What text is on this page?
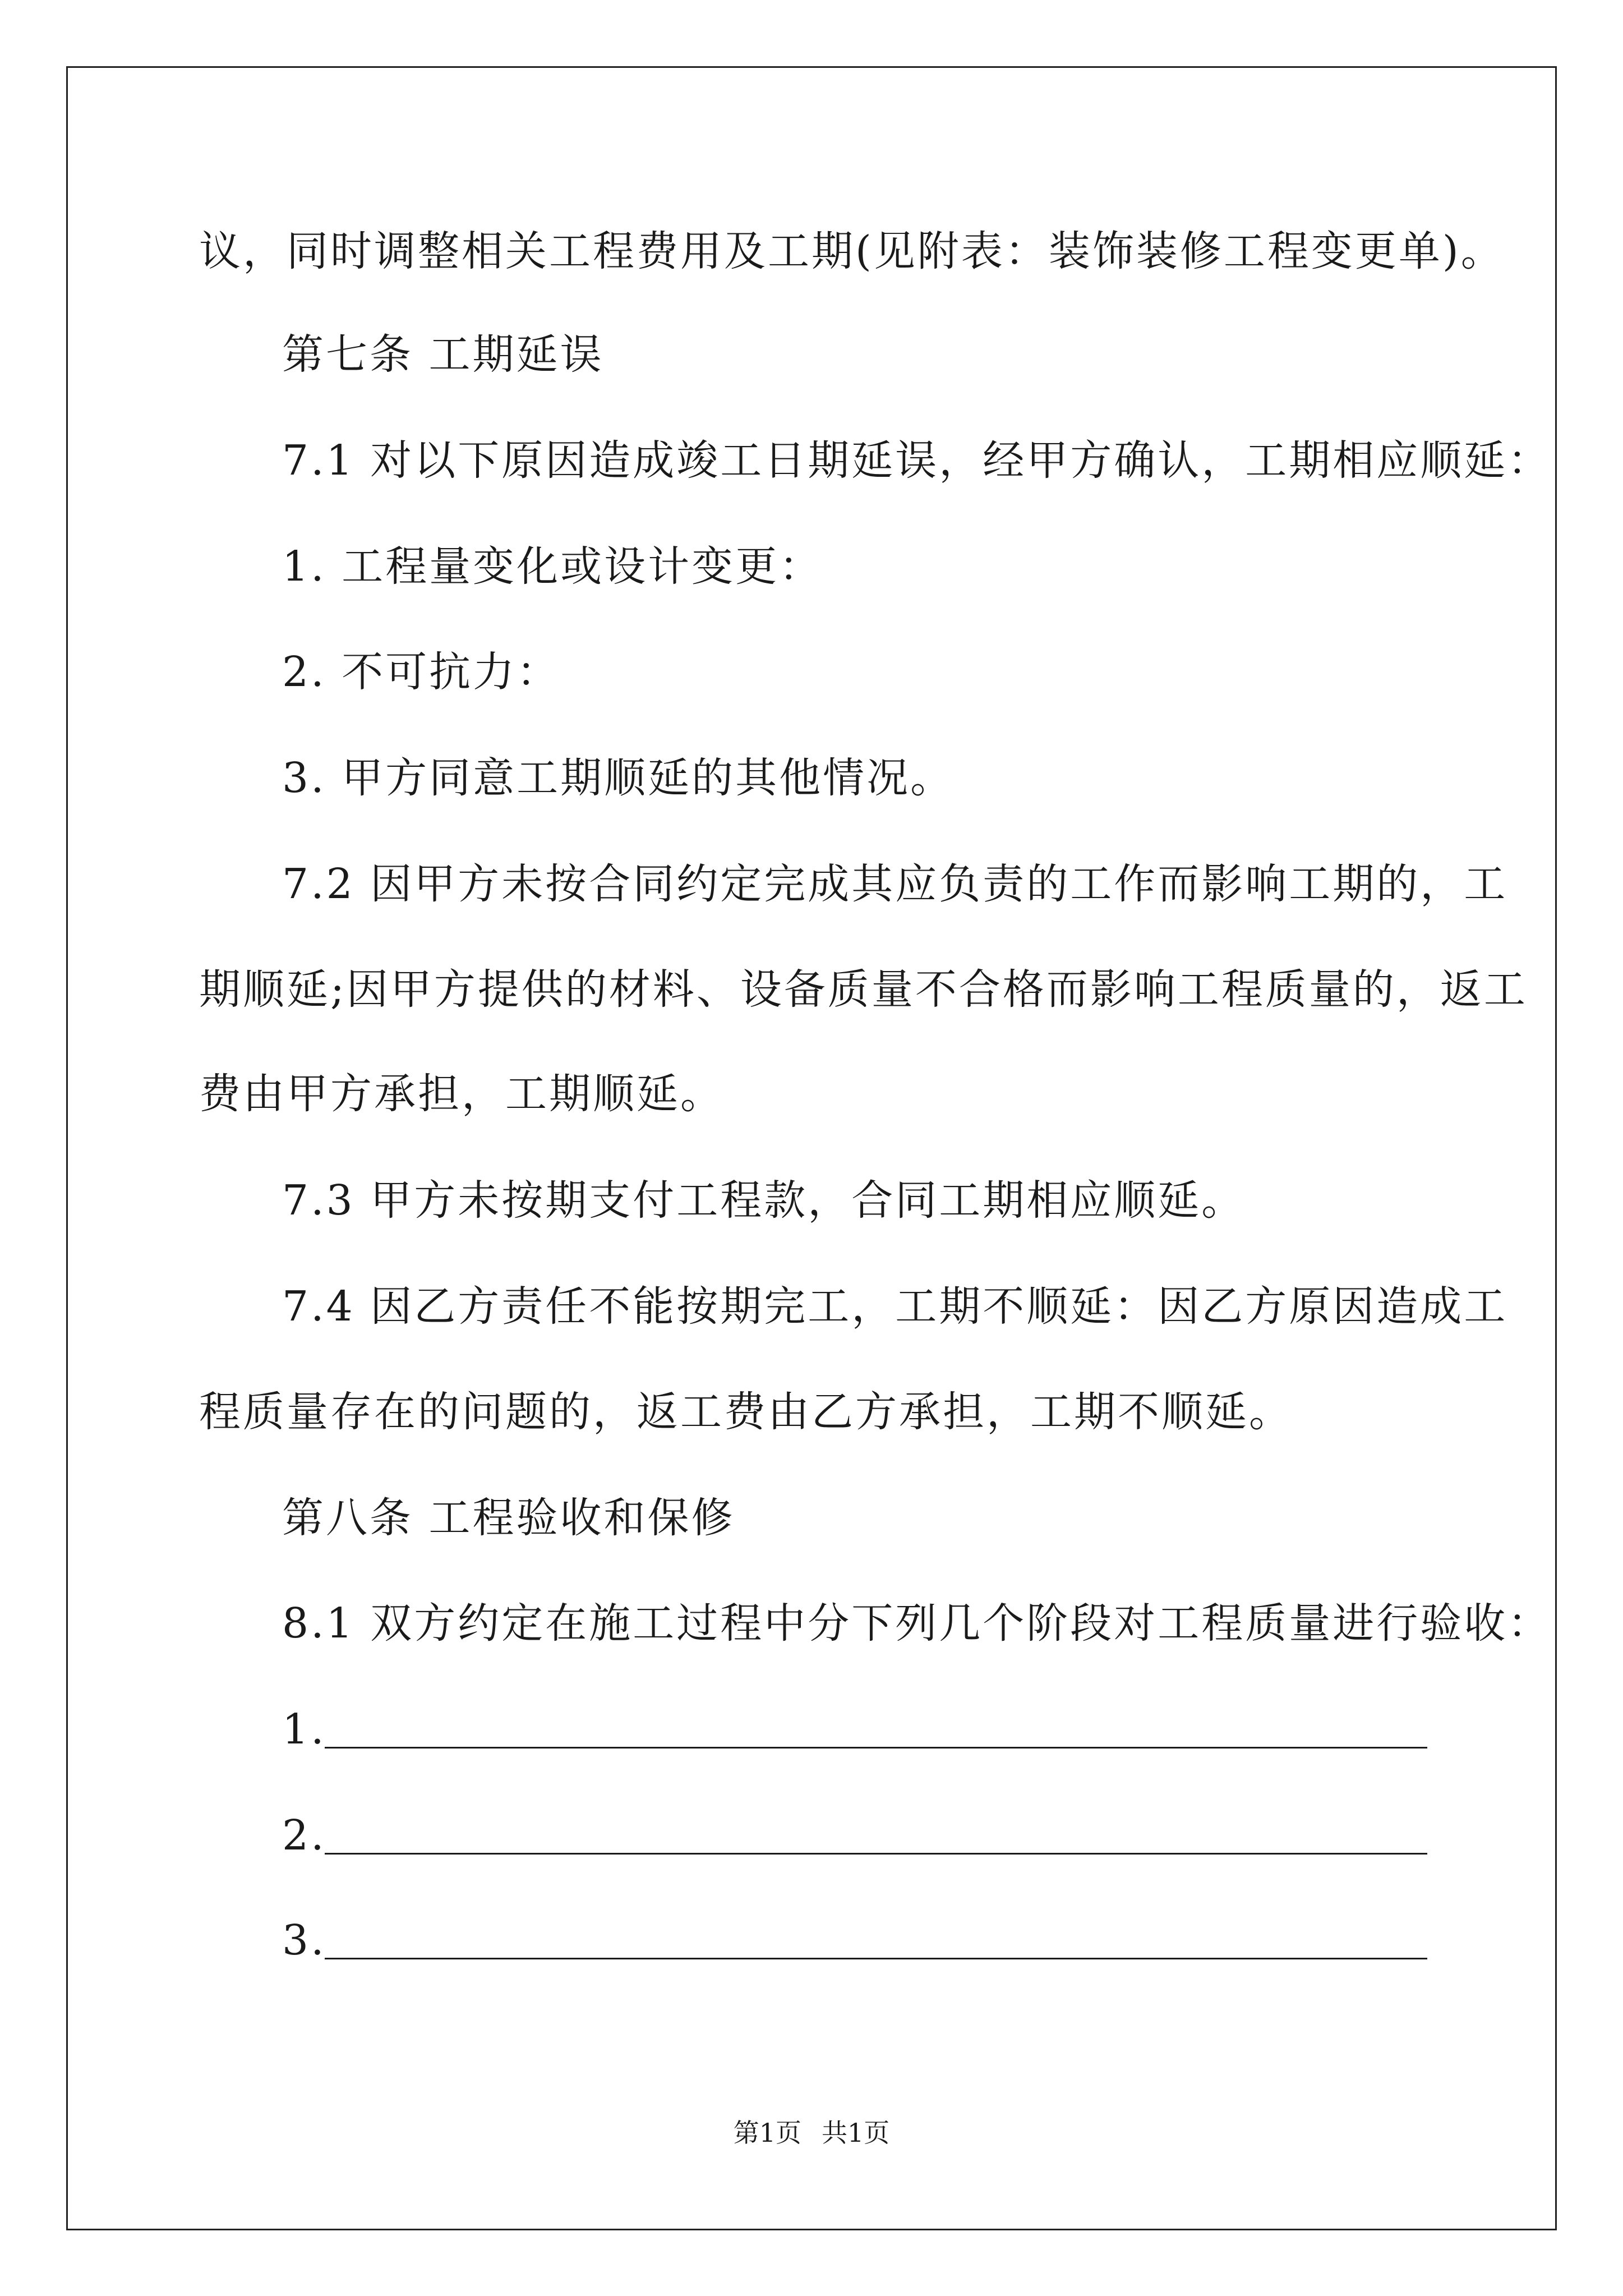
议，同时调整相关工程费用及工期(见附表：装饰装修工程变更单)。
第七条 工期延误
7.1 对以下原因造成竣工日期延误，经甲方确认，工期相应顺延：
1. 工程量变化或设计变更：
2. 不可抗力：
3. 甲方同意工期顺延的其他情况。
7.2 因甲方未按合同约定完成其应负责的工作而影响工期的，工
期顺延;因甲方提供的材料、设备质量不合格而影响工程质量的，返工
费由甲方承担，工期顺延。
7.3 甲方未按期支付工程款，合同工期相应顺延。
7.4 因乙方责任不能按期完工，工期不顺延：因乙方原因造成工
程质量存在的问题的，返工费由乙方承担，工期不顺延。
第八条 工程验收和保修
8.1 双方约定在施工过程中分下列几个阶段对工程质量进行验收：
1.
2.
3.
第1页 共1页
